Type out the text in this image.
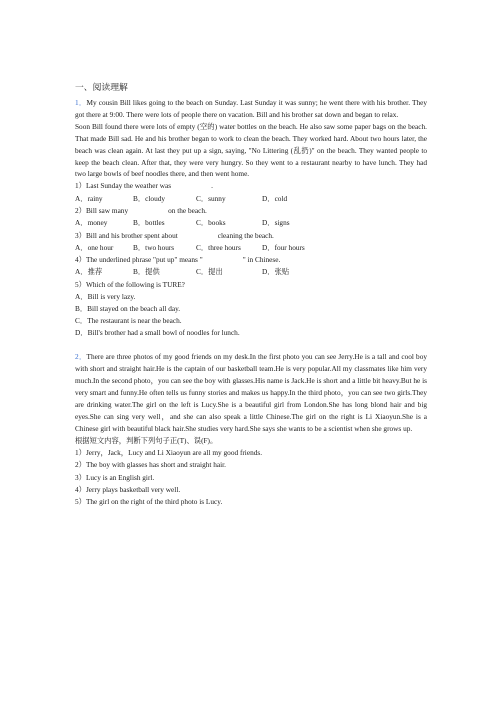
一、阅读理解

1．My cousin Bill likes going to the beach on Sunday. Last Sunday it was sunny; he went there with his brother. They got there at 9:00. There were lots of people there on vacation. Bill and his brother sat down and began to relax.

Soon Bill found there were lots of empty (空的) water bottles on the beach. He also saw some paper bags on the beach. That made Bill sad. He and his brother began to work to clean the beach. They worked hard. About two hours later, the beach was clean again. At last they put up a sign, saying, "No Littering (乱扔)" on the beach. They wanted people to keep the beach clean. After that, they were very hungry. So they went to a restaurant nearby to have lunch. They had two large bowls of beef noodles there, and then went home.

1）Last Sunday the weather was	.

A．rainy	B．cloudy	C．sunny	D．cold

2）Bill saw many	on the beach.

A．money	B．bottles	C．books	D．signs

3）Bill and his brother spent about	cleaning the beach.

A．one hour	B．two hours	C．three hours	D．four hours

4）The underlined phrase "put up" means "	" in Chinese.

A．推荐	B．提供	C．提出	D．张贴

5）Which of the following is TURE?

A．Bill is very lazy.

B．Bill stayed on the beach all day.

C．The restaurant is near the beach.

D．Bill's brother had a small bowl of noodles for lunch.

2．There are three photos of my good friends on my desk.In the first photo you can see Jerry.He is a tall and cool boy with short and straight hair.He is the captain of our basketball team.He is very popular.All my classmates like him very much.In the second photo，you can see the boy with glasses.His name is Jack.He is short and a little bit heavy.But he is very smart and funny.He often tells us funny stories and makes us happy.In the third photo，you can see two girls.They are drinking water.The girl on the left is Lucy.She is a beautiful girl from London.She has long blond hair and big eyes.She can sing very well，and she can also speak a little Chinese.The girl on the right is Li Xiaoyun.She is a Chinese girl with beautiful black hair.She studies very hard.She says she wants to be a scientist when she grows up.

根据短文内容，判断下列句子正(T)、误(F)。

1）Jerry，Jack，Lucy and Li Xiaoyun are all my good friends.

2）The boy with glasses has short and straight hair.

3）Lucy is an English girl.

4）Jerry plays basketball very well.

5）The girl on the right of the third photo is Lucy.
